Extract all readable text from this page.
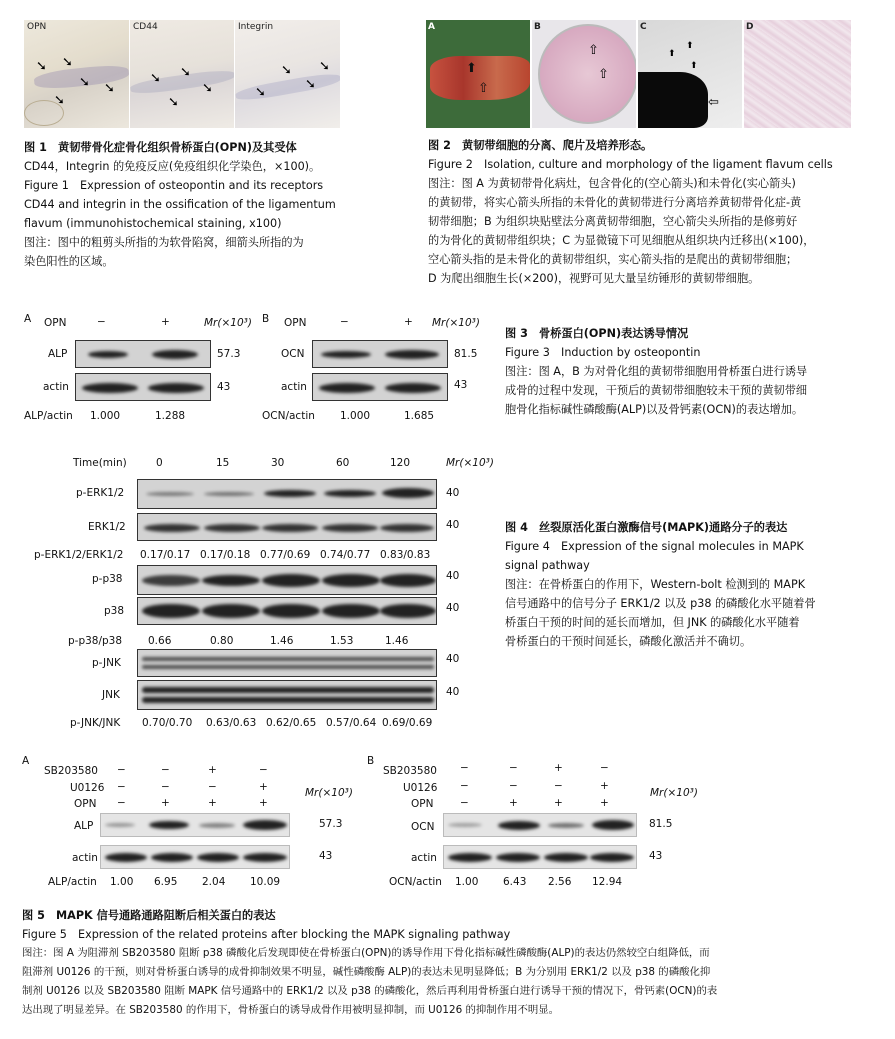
OPN
➘ ➘
➘ ➘
➘
CD44
➘ ➘
➘
➘
Integrin
➘
➘
➘
➘
图 1　黄韧带骨化症骨化组织骨桥蛋白(OPN)及其受体
CD44，Integrin 的免疫反应(免疫组织化学染色，×100)。
Figure 1　Expression of osteopontin and its receptors
CD44 and integrin in the ossification of the ligamentum
flavum (immunohistochemical staining, x100)
图注：图中的粗剪头所指的为软骨陷窝，细箭头所指的为
染色阳性的区域。
A
⇧
⬆
B
⇧
⇧
C
⬆
⬆
⬆
⇦
D
图 2　黄韧带细胞的分离、爬片及培养形态。
Figure 2　Isolation, culture and morphology of the ligament flavum cells
图注：图 A 为黄韧带骨化病灶，包含骨化的(空心箭头)和未骨化(实心箭头)
的黄韧带，将实心箭头所指的未骨化的黄韧带进行分离培养黄韧带骨化症-黄
韧带细胞；B 为组织块贴壁法分离黄韧带细胞，空心箭尖头所指的是修剪好
的为骨化的黄韧带组织块；C 为显微镜下可见细胞从组织块内迁移出(×100)，
空心箭头指的是未骨化的黄韧带组织，实心箭头指的是爬出的黄韧带细胞；
D 为爬出细胞生长(×200)，视野可见大量呈纺锤形的黄韧带细胞。
A OPN	−	+	Mr(×10³)
ALP	57.3
actin	43
ALP/actin 1.000	1.288
B OPN	−	+ Mr(×10³)
OCN	81.5
actin	43
OCN/actin 1.000	1.685
图 3　骨桥蛋白(OPN)表达诱导情况
Figure 3　Induction by osteopontin
图注：图 A，B 为对骨化组的黄韧带细胞用骨桥蛋白进行诱导
成骨的过程中发现，干预后的黄韧带细胞较未干预的黄韧带细
胞骨化指标碱性磷酸酶(ALP)以及骨钙素(OCN)的表达增加。
Time(min)	0	15	30	60	120	Mr(×10³)
p-ERK1/2	40
ERK1/2	40
p-ERK1/2/ERK1/2 0.17/0.17 0.17/0.18 0.77/0.69 0.74/0.77 0.83/0.83
p-p38	40
p38	40
p-p38/p38 0.66	0.80	1.46	1.53	1.46
p-JNK	40
JNK	40
p-JNK/JNK 0.70/0.70 0.63/0.63 0.62/0.65 0.57/0.64 0.69/0.69
图 4　丝裂原活化蛋白激酶信号(MAPK)通路分子的表达
Figure 4　Expression of the signal molecules in MAPK
signal pathway
图注：在骨桥蛋白的作用下，Western-bolt 检测到的 MAPK
信号通路中的信号分子 ERK1/2 以及 p38 的磷酸化水平随着骨
桥蛋白干预的时间的延长而增加，但 JNK 的磷酸化水平随着
骨桥蛋白的干预时间延长，磷酸化激活并不确切。
A
SB203580 −	−	+	−
U0126 −	−	−	+
OPN −	+	+	+
Mr(×10³)
ALP	57.3
actin	43
ALP/actin 1.00 6.95 2.04 10.09
B
SB203580 −	−	+	−
U0126 −	−	−	+
OPN	−	+	+	+
Mr(×10³)
OCN	81.5
actin	43
OCN/actin 1.00 6.43 2.56 12.94
图 5　MAPK 信号通路通路阻断后相关蛋白的表达
Figure 5　Expression of the related proteins after blocking the MAPK signaling pathway
图注：图 A 为阻滞剂 SB203580 阻断 p38 磷酸化后发现即使在骨桥蛋白(OPN)的诱导作用下骨化指标碱性磷酸酶(ALP)的表达仍然较空白组降低，而
阻滞剂 U0126 的干预，则对骨桥蛋白诱导的成骨抑制效果不明显，碱性磷酸酶 ALP)的表达未见明显降低；B 为分别用 ERK1/2 以及 p38 的磷酸化抑
制剂 U0126 以及 SB203580 阻断 MAPK 信号通路中的 ERK1/2 以及 p38 的磷酸化，然后再利用骨桥蛋白进行诱导干预的情况下，骨钙素(OCN)的表
达出现了明显差异。在 SB203580 的作用下，骨桥蛋白的诱导成骨作用被明显抑制，而 U0126 的抑制作用不明显。
